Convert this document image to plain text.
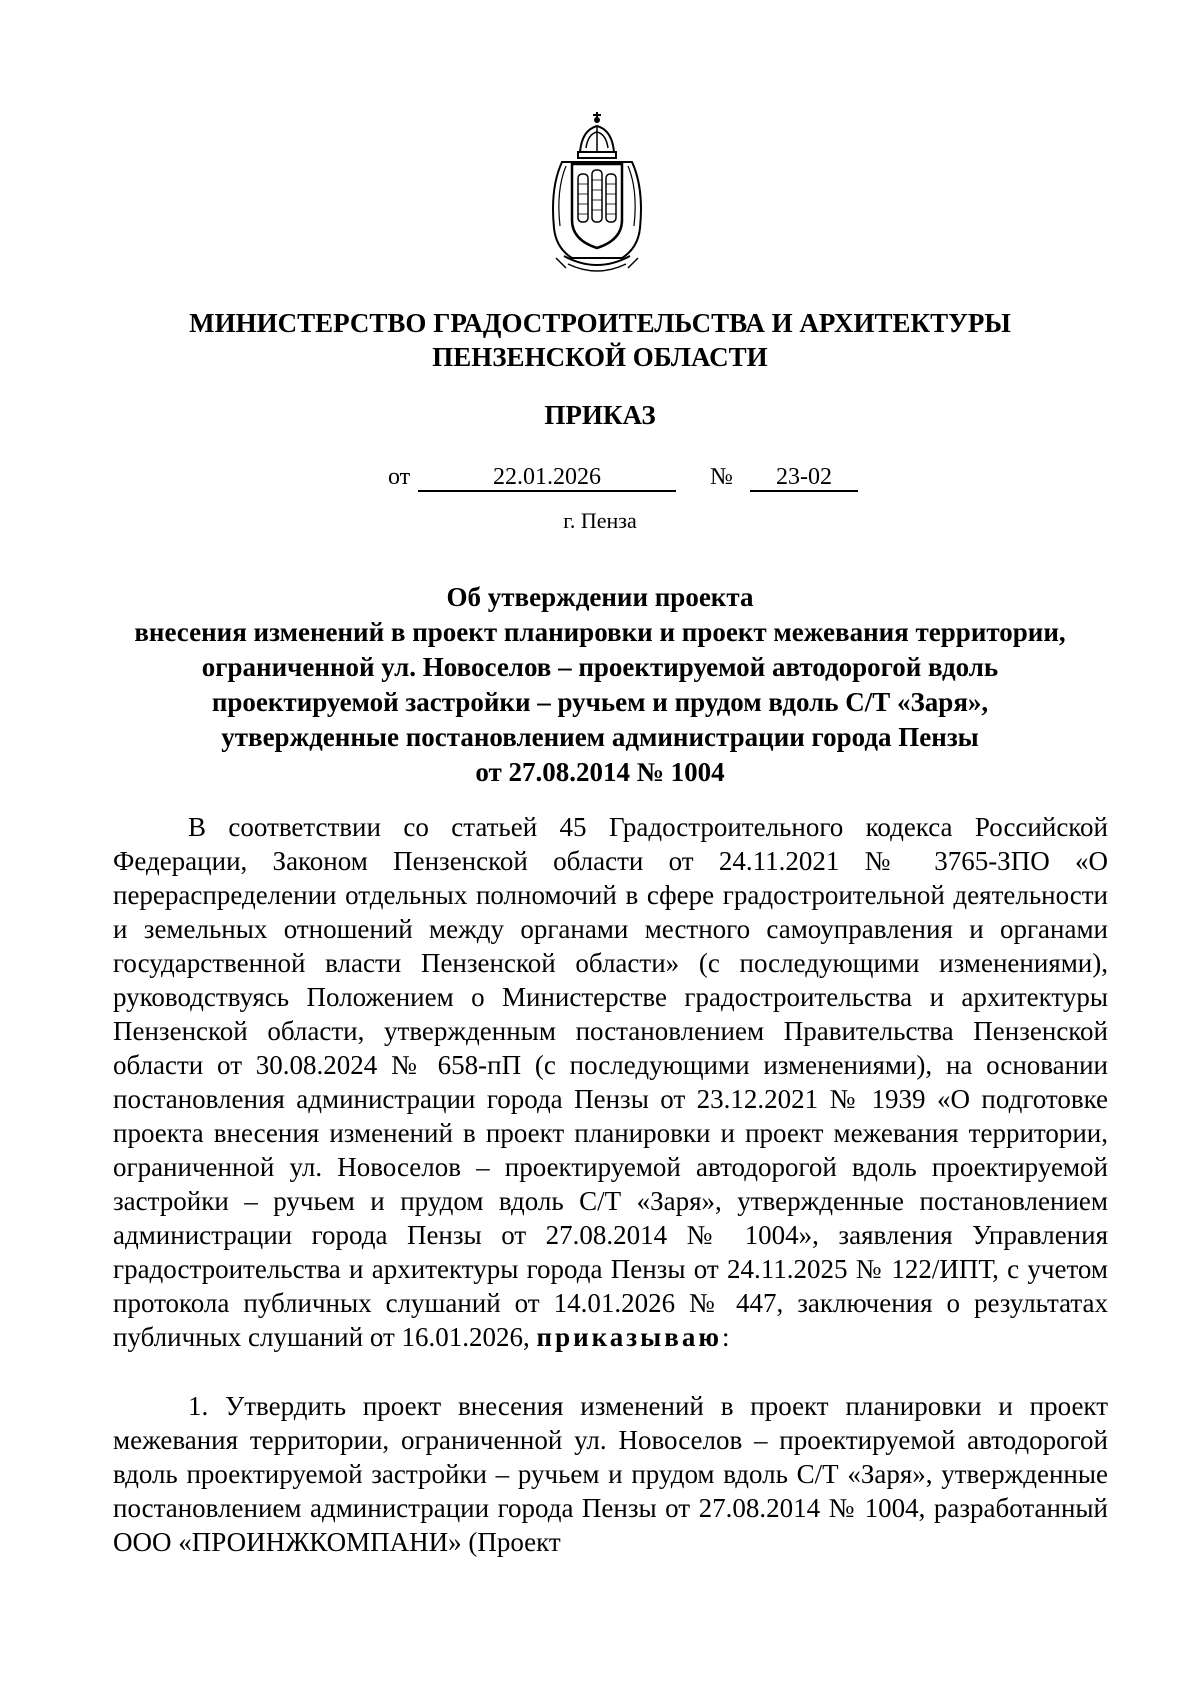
МИНИСТЕРСТВО ГРАДОСТРОИТЕЛЬСТВА И АРХИТЕКТУРЫ
ПЕНЗЕНСКОЙ ОБЛАСТИ
ПРИКАЗ
от	22.01.2026	№	23-02
г. Пенза
Об утверждении проекта
внесения изменений в проект планировки и проект межевания территории,
ограниченной ул. Новоселов – проектируемой автодорогой вдоль
проектируемой застройки – ручьем и прудом вдоль С/Т «Заря»,
утвержденные постановлением администрации города Пензы
от 27.08.2014 № 1004

В соответствии со статьей 45 Градостроительного кодекса Российской Федерации, Законом Пензенской области от 24.11.2021 № 3765-ЗПО «О перераспределении отдельных полномочий в сфере градостроительной деятельности и земельных отношений между органами местного самоуправления и органами государственной власти Пензенской области» (с последующими изменениями), руководствуясь Положением о Министерстве градостроительства и архитектуры Пензенской области, утвержденным постановлением Правительства Пензенской области от 30.08.2024 № 658-пП (с последующими изменениями), на основании постановления администрации города Пензы от 23.12.2021 № 1939 «О подготовке проекта внесения изменений в проект планировки и проект межевания территории, ограниченной ул. Новоселов – проектируемой автодорогой вдоль проектируемой застройки – ручьем и прудом вдоль С/Т «Заря», утвержденные постановлением администрации города Пензы от 27.08.2014 № 1004», заявления Управления градостроительства и архитектуры города Пензы от 24.11.2025 № 122/ИПТ, с учетом протокола публичных слушаний от 14.01.2026 № 447, заключения о результатах публичных слушаний от 16.01.2026, приказываю:

1. Утвердить проект внесения изменений в проект планировки и проект межевания территории, ограниченной ул. Новоселов – проектируемой автодорогой вдоль проектируемой застройки – ручьем и прудом вдоль С/Т «Заря», утвержденные постановлением администрации города Пензы от 27.08.2014 № 1004, разработанный ООО «ПРОИНЖКОМПАНИ» (Проект
